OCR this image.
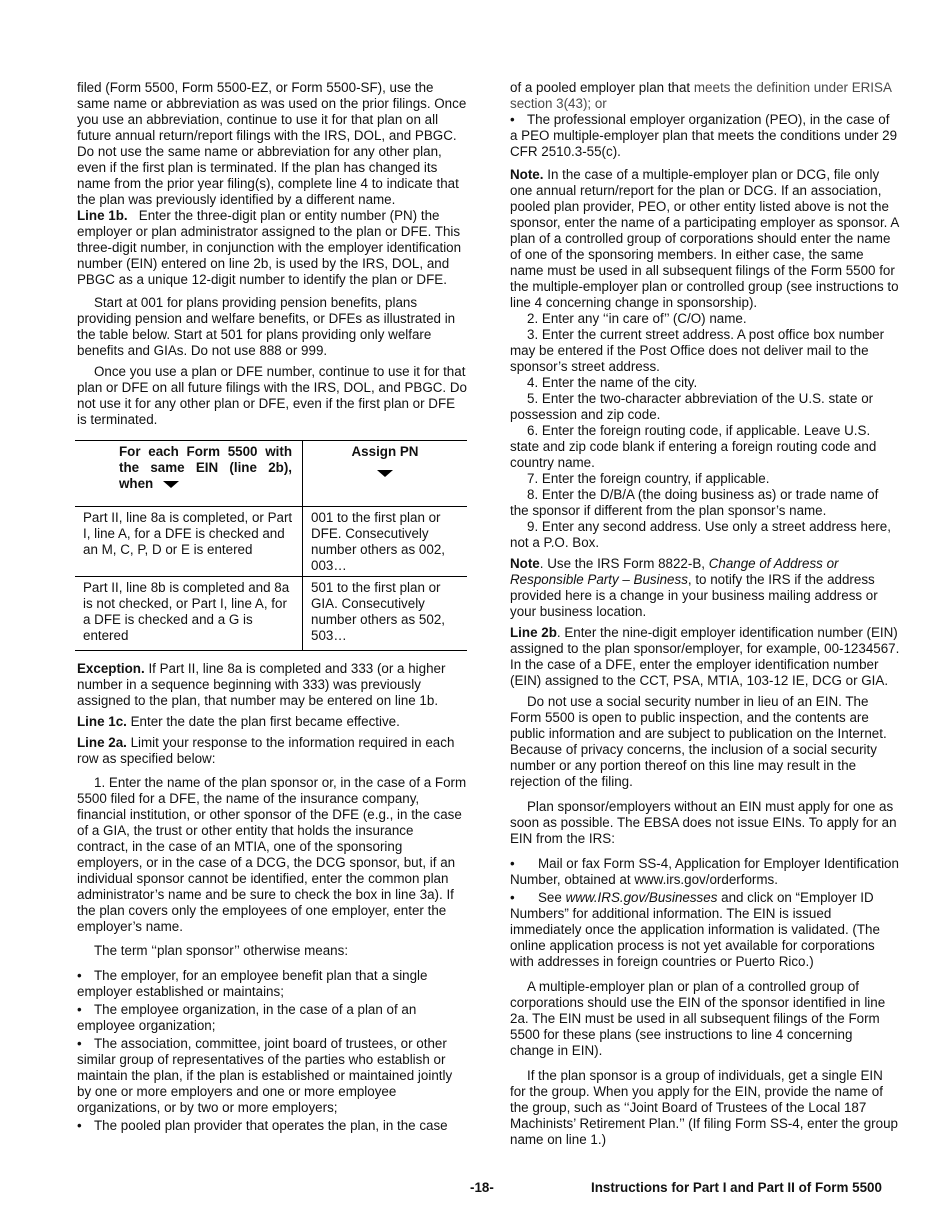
filed (Form 5500, Form 5500-EZ, or Form 5500-SF), use the same name or abbreviation as was used on the prior filings. Once you use an abbreviation, continue to use it for that plan on all future annual return/report filings with the IRS, DOL, and PBGC. Do not use the same name or abbreviation for any other plan, even if the first plan is terminated. If the plan has changed its name from the prior year filing(s), complete line 4 to indicate that the plan was previously identified by a different name.

Line 1b. Enter the three-digit plan or entity number (PN) the employer or plan administrator assigned to the plan or DFE. This three-digit number, in conjunction with the employer identification number (EIN) entered on line 2b, is used by the IRS, DOL, and PBGC as a unique 12-digit number to identify the plan or DFE.

Start at 001 for plans providing pension benefits, plans providing pension and welfare benefits, or DFEs as illustrated in the table below. Start at 501 for plans providing only welfare benefits and GIAs. Do not use 888 or 999.

Once you use a plan or DFE number, continue to use it for that plan or DFE on all future filings with the IRS, DOL, and PBGC. Do not use it for any other plan or DFE, even if the first plan or DFE is terminated.

For each Form 5500 with the same EIN (line 2b), when	Assign PN

Part II, line 8a is completed, or Part I, line A, for a DFE is checked and an M, C, P, D or E is entered	001 to the first plan or DFE. Consecutively number others as 002, 003…
Part II, line 8b is completed and 8a is not checked, or Part I, line A, for a DFE is checked and a G is entered	501 to the first plan or GIA. Consecutively number others as 502, 503…

Exception. If Part II, line 8a is completed and 333 (or a higher number in a sequence beginning with 333) was previously assigned to the plan, that number may be entered on line 1b.

Line 1c. Enter the date the plan first became effective.

Line 2a. Limit your response to the information required in each row as specified below:

1. Enter the name of the plan sponsor or, in the case of a Form 5500 filed for a DFE, the name of the insurance company, financial institution, or other sponsor of the DFE (e.g., in the case of a GIA, the trust or other entity that holds the insurance contract, in the case of an MTIA, one of the sponsoring employers, or in the case of a DCG, the DCG sponsor, but, if an individual sponsor cannot be identified, enter the common plan administrator’s name and be sure to check the box in line 3a). If the plan covers only the employees of one employer, enter the employer’s name.

The term ‘‘plan sponsor’’ otherwise means:

• The employer, for an employee benefit plan that a single employer established or maintains;

• The employee organization, in the case of a plan of an employee organization;

• The association, committee, joint board of trustees, or other similar group of representatives of the parties who establish or maintain the plan, if the plan is established or maintained jointly by one or more employers and one or more employee organizations, or by two or more employers;

• The pooled plan provider that operates the plan, in the case

of a pooled employer plan that meets the definition under ERISA section 3(43); or

• The professional employer organization (PEO), in the case of a PEO multiple-employer plan that meets the conditions under 29 CFR 2510.3-55(c).

Note. In the case of a multiple-employer plan or DCG, file only one annual return/report for the plan or DCG. If an association, pooled plan provider, PEO, or other entity listed above is not the sponsor, enter the name of a participating employer as sponsor. A plan of a controlled group of corporations should enter the name of one of the sponsoring members. In either case, the same name must be used in all subsequent filings of the Form 5500 for the multiple-employer plan or controlled group (see instructions to line 4 concerning change in sponsorship).

2. Enter any ‘‘in care of’’ (C/O) name.

3. Enter the current street address. A post office box number may be entered if the Post Office does not deliver mail to the sponsor’s street address.

4. Enter the name of the city.

5. Enter the two-character abbreviation of the U.S. state or possession and zip code.

6. Enter the foreign routing code, if applicable. Leave U.S. state and zip code blank if entering a foreign routing code and country name.

7. Enter the foreign country, if applicable.

8. Enter the D/B/A (the doing business as) or trade name of the sponsor if different from the plan sponsor’s name.

9. Enter any second address. Use only a street address here, not a P.O. Box.

Note. Use the IRS Form 8822-B, Change of Address or Responsible Party – Business, to notify the IRS if the address provided here is a change in your business mailing address or your business location.

Line 2b. Enter the nine-digit employer identification number (EIN) assigned to the plan sponsor/employer, for example, 00-1234567. In the case of a DFE, enter the employer identification number (EIN) assigned to the CCT, PSA, MTIA, 103-12 IE, DCG or GIA.

Do not use a social security number in lieu of an EIN. The Form 5500 is open to public inspection, and the contents are public information and are subject to publication on the Internet. Because of privacy concerns, the inclusion of a social security number or any portion thereof on this line may result in the rejection of the filing.

Plan sponsor/employers without an EIN must apply for one as soon as possible. The EBSA does not issue EINs. To apply for an EIN from the IRS:

• Mail or fax Form SS-4, Application for Employer Identification Number, obtained at www.irs.gov/orderforms.

• See www.IRS.gov/Businesses and click on “Employer ID Numbers” for additional information. The EIN is issued immediately once the application information is validated. (The online application process is not yet available for corporations with addresses in foreign countries or Puerto Rico.)

A multiple-employer plan or plan of a controlled group of corporations should use the EIN of the sponsor identified in line 2a. The EIN must be used in all subsequent filings of the Form 5500 for these plans (see instructions to line 4 concerning change in EIN).

If the plan sponsor is a group of individuals, get a single EIN for the group. When you apply for the EIN, provide the name of the group, such as ‘‘Joint Board of Trustees of the Local 187 Machinists’ Retirement Plan.’’ (If filing Form SS-4, enter the group name on line 1.)

-18-	Instructions for Part I and Part II of Form 5500
